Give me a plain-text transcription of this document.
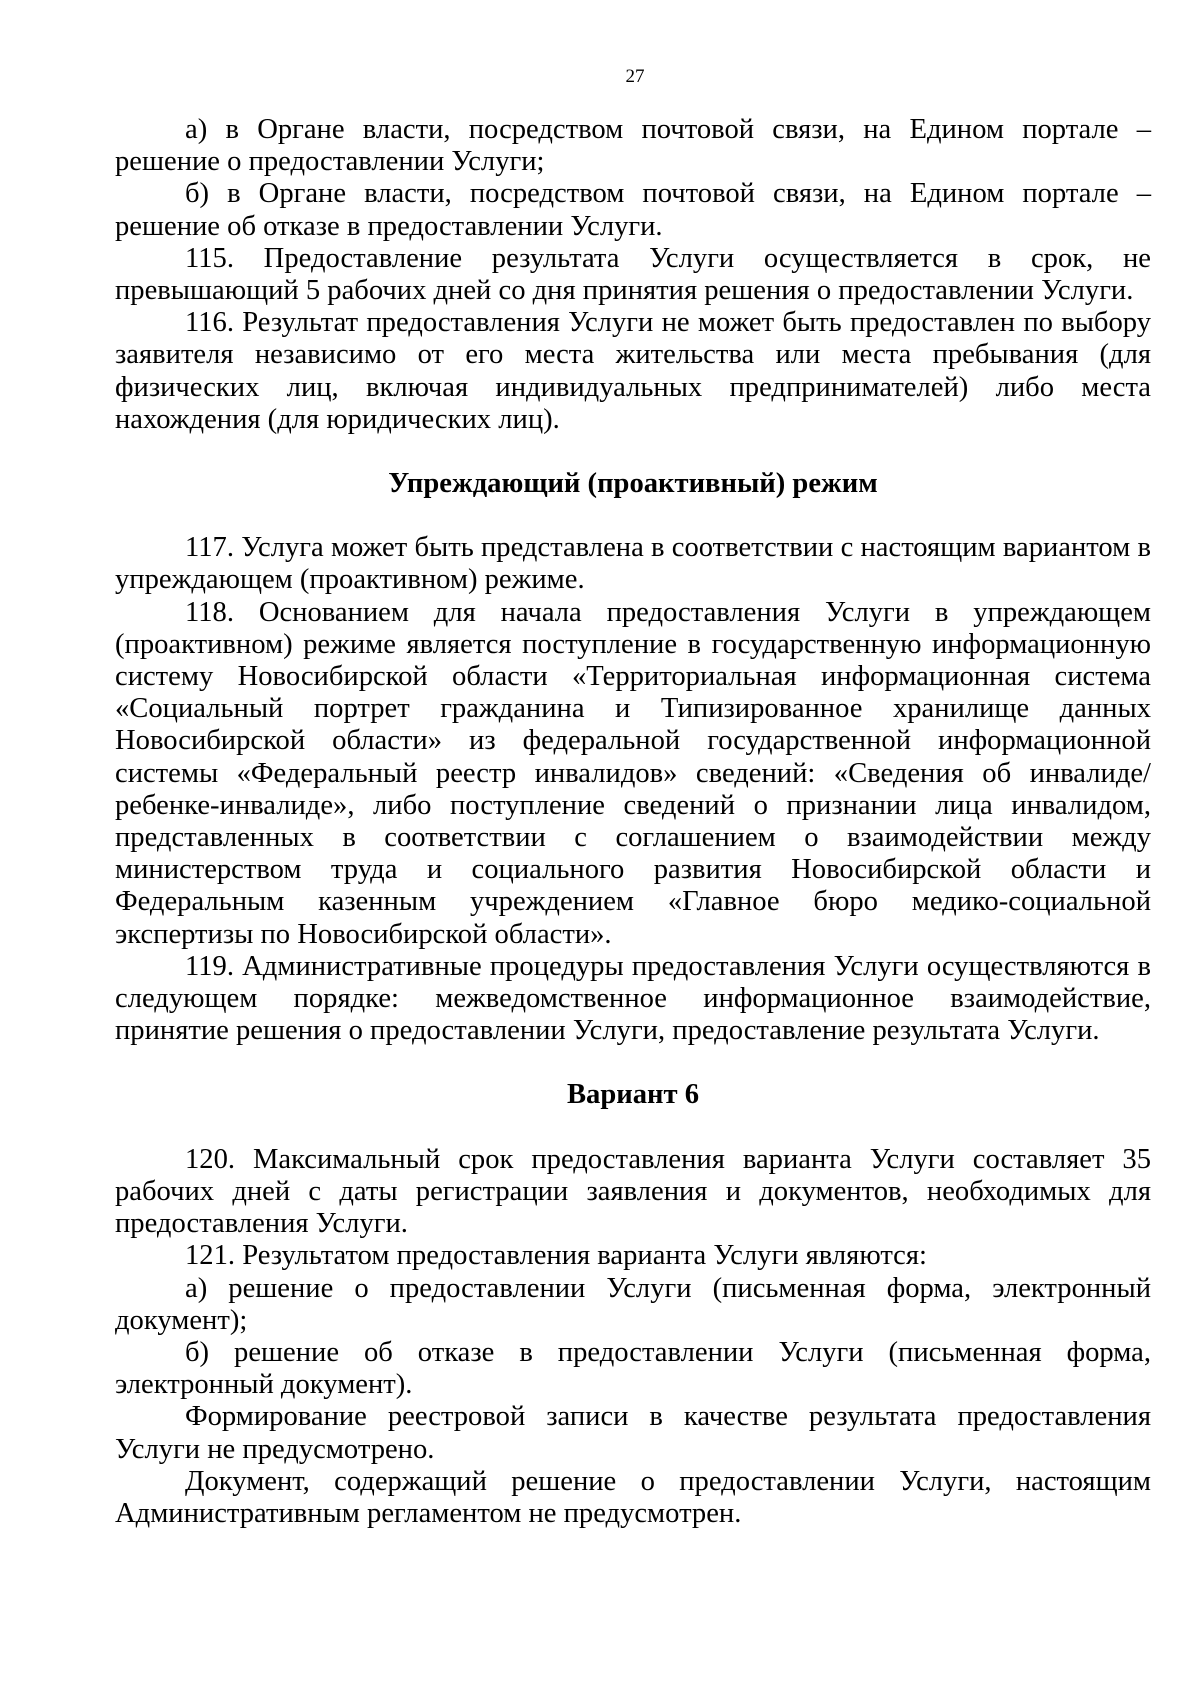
27

а) в Органе власти, посредством почтовой связи, на Едином портале – решение о предоставлении Услуги;

б) в Органе власти, посредством почтовой связи, на Едином портале – решение об отказе в предоставлении Услуги.

115. Предоставление результата Услуги осуществляется в срок, не превышающий 5 рабочих дней со дня принятия решения о предоставлении Услуги.

116. Результат предоставления Услуги не может быть предоставлен по выбору заявителя независимо от его места жительства или места пребывания (для физических лиц, включая индивидуальных предпринимателей) либо места нахождения (для юридических лиц).

Упреждающий (проактивный) режим

117. Услуга может быть представлена в соответствии с настоящим вариантом в упреждающем (проактивном) режиме.

118. Основанием для начала предоставления Услуги в упреждающем (проактивном) режиме является поступление в государственную информационную систему Новосибирской области «Территориальная информационная система «Социальный портрет гражданина и Типизированное хранилище данных Новосибирской области» из федеральной государственной информационной системы «Федеральный реестр инвалидов» сведений: «Сведения об инвалиде/ребенке-инвалиде», либо поступление сведений о признании лица инвалидом, представленных в соответствии с соглашением о взаимодействии между министерством труда и социального развития Новосибирской области и Федеральным казенным учреждением «Главное бюро медико-социальной экспертизы по Новосибирской области».

119. Административные процедуры предоставления Услуги осуществляются в следующем порядке: межведомственное информационное взаимодействие, принятие решения о предоставлении Услуги, предоставление результата Услуги.

Вариант 6

120. Максимальный срок предоставления варианта Услуги составляет 35 рабочих дней с даты регистрации заявления и документов, необходимых для предоставления Услуги.

121. Результатом предоставления варианта Услуги являются:

а) решение о предоставлении Услуги (письменная форма, электронный документ);

б) решение об отказе в предоставлении Услуги (письменная форма, электронный документ).

Формирование реестровой записи в качестве результата предоставления Услуги не предусмотрено.

Документ, содержащий решение о предоставлении Услуги, настоящим Административным регламентом не предусмотрен.
